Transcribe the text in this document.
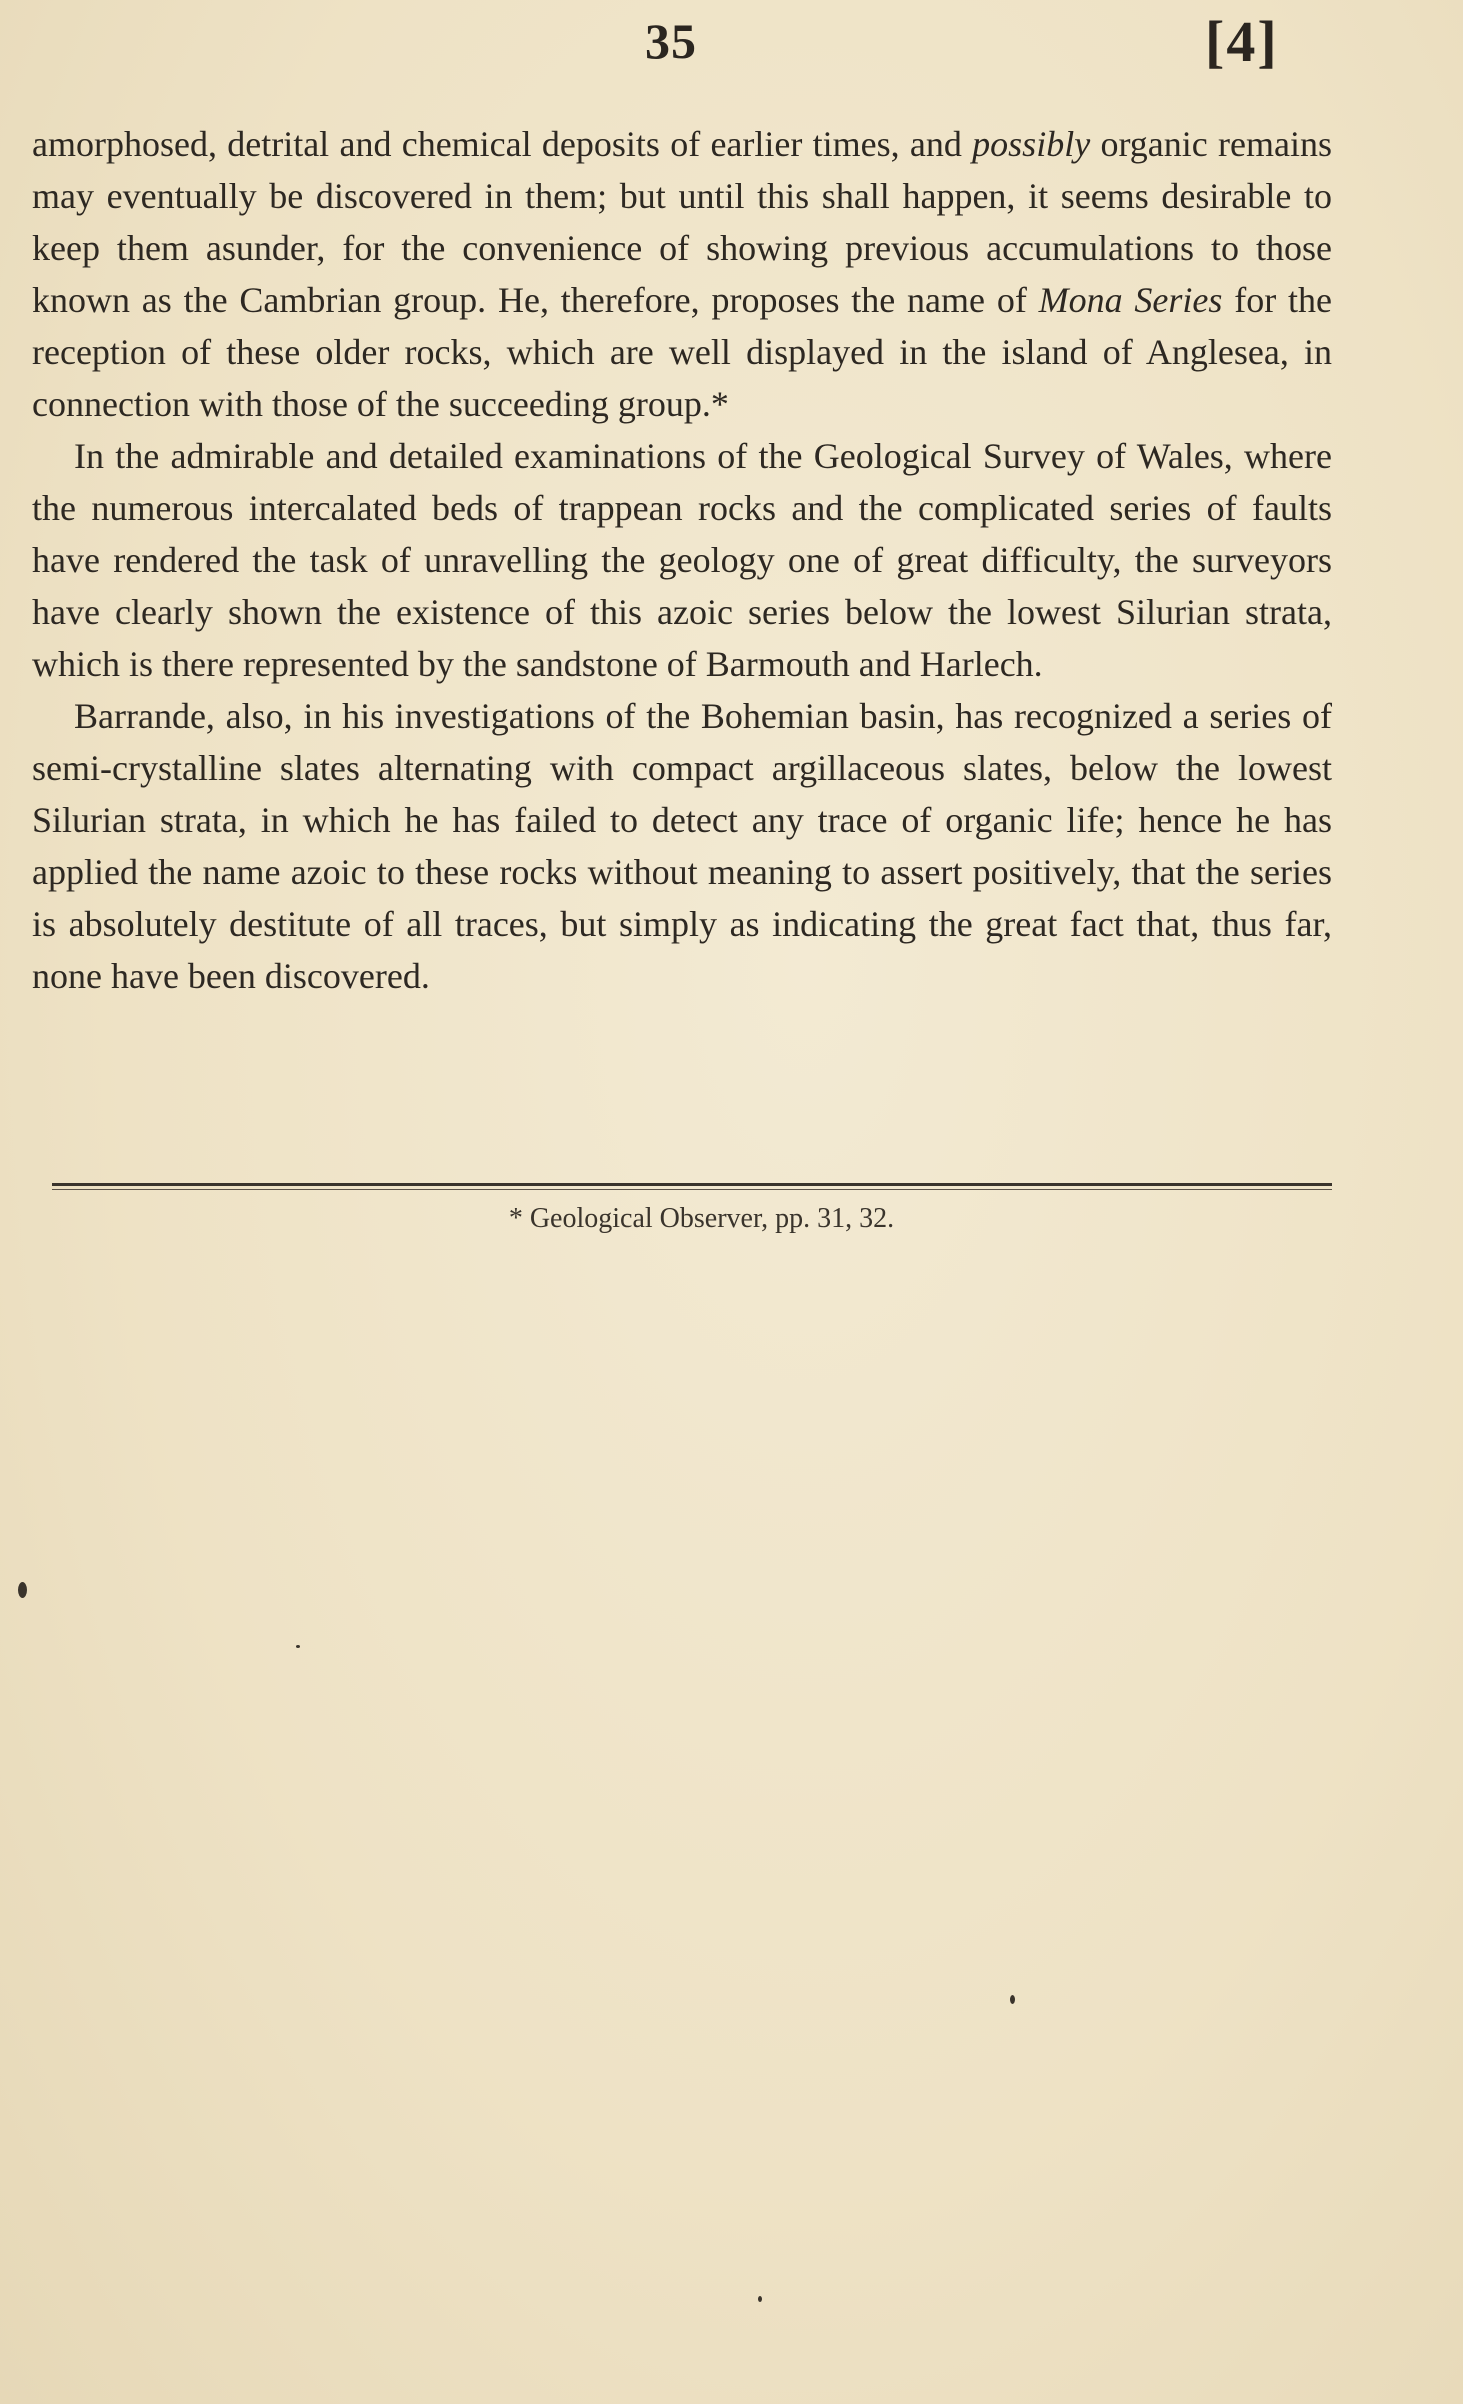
35	[4]

amorphosed, detrital and chemical deposits of earlier times, and possibly organic remains may eventually be discovered in them; but until this shall happen, it seems desirable to keep them asunder, for the convenience of showing previous accumulations to those known as the Cambrian group. He, therefore, proposes the name of Mona Series for the reception of these older rocks, which are well displayed in the island of Anglesea, in connection with those of the succeeding group.*

In the admirable and detailed examinations of the Geological Survey of Wales, where the numerous intercalated beds of trappean rocks and the complicated series of faults have rendered the task of unravelling the geology one of great difficulty, the surveyors have clearly shown the existence of this azoic series below the lowest Silurian strata, which is there represented by the sandstone of Barmouth and Harlech.

Barrande, also, in his investigations of the Bohemian basin, has recognized a series of semi-crystalline slates alternating with compact argillaceous slates, below the lowest Silurian strata, in which he has failed to detect any trace of organic life; hence he has applied the name azoic to these rocks without meaning to assert positively, that the series is absolutely destitute of all traces, but simply as indicating the great fact that, thus far, none have been discovered.

* Geological Observer, pp. 31, 32.
